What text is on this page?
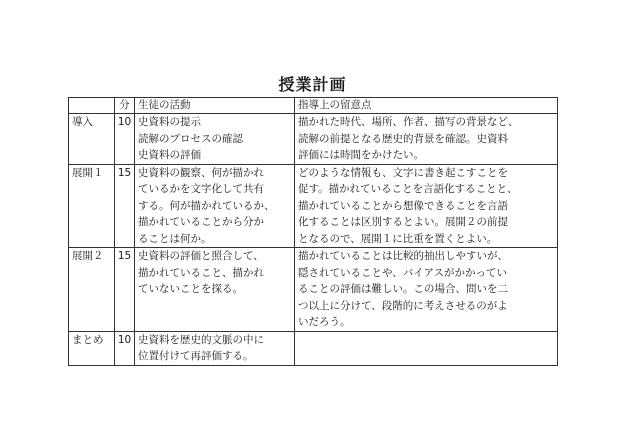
授業計画
	分	生徒の活動	指導上の留意点
導入	10	史資料の提示
読解のプロセスの確認
史資料の評価	描かれた時代、場所、作者、描写の背景など、
読解の前提となる歴史的背景を確認。史資料
評価には時間をかけたい。

展開１	15	史資料の観察、何が描かれ
ているかを文字化して共有
する。何が描かれているか、
描かれていることから分か
ることは何か。	どのような情報も、文字に書き起こすことを
促す。描かれていることを言語化することと、
描かれていることから想像できることを言語
化することは区別するとよい。展開２の前提
となるので、展開１に比重を置くとよい。

展開２	15	史資料の評価と照合して、
描かれていること、描かれ
ていないことを探る。	描かれていることは比較的抽出しやすいが、
隠されていることや、バイアスがかかってい
ることの評価は難しい。この場合、問いを二
つ以上に分けて、段階的に考えさせるのがよ
いだろう。

まとめ	10	史資料を歴史的文脈の中に
位置付けて再評価する。	
